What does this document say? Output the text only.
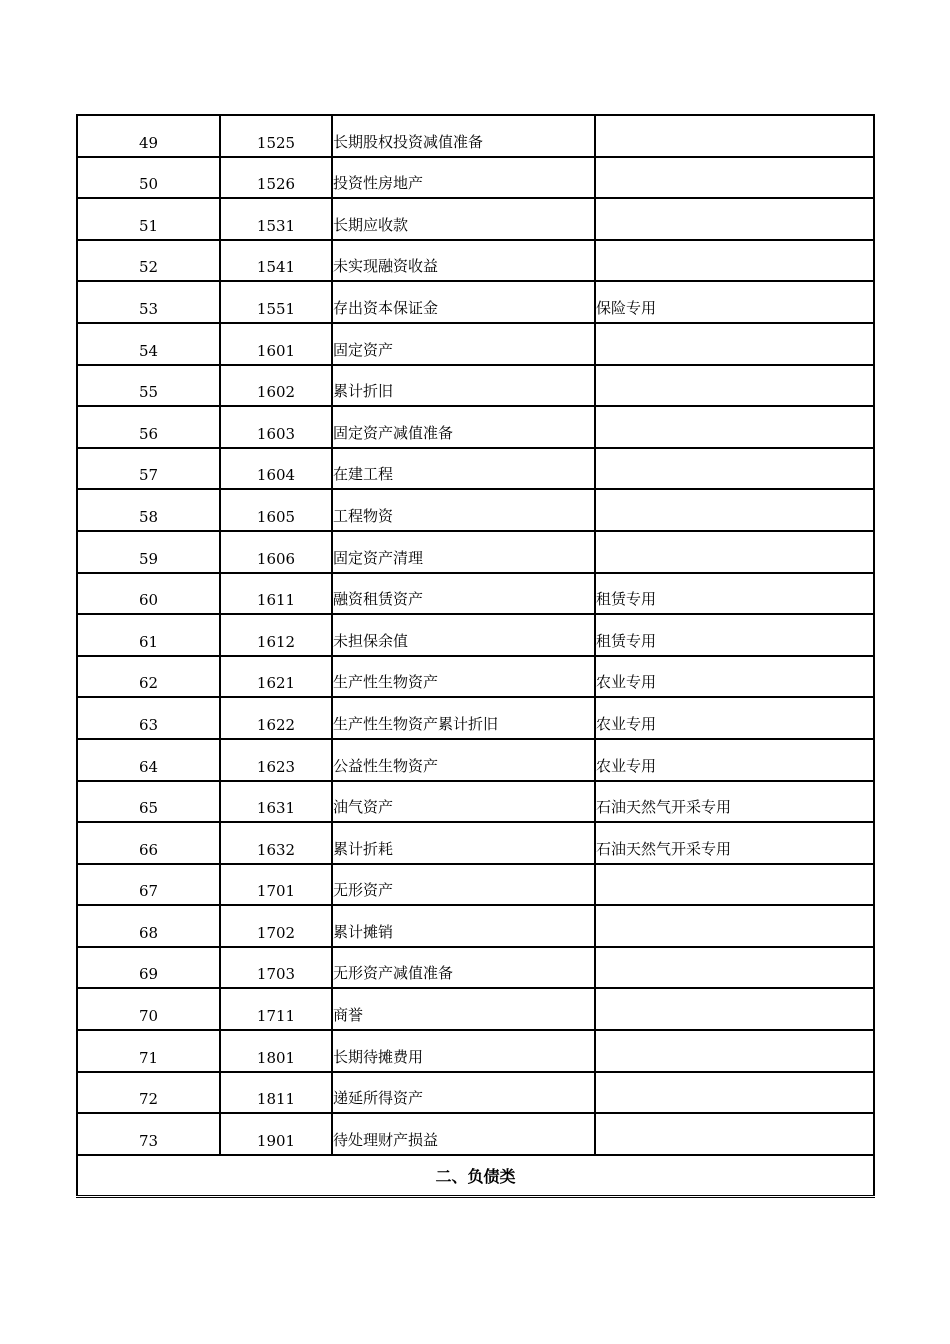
49	1525	长期股权投资减值准备	
50	1526	投资性房地产	
51	1531	长期应收款	
52	1541	未实现融资收益	
53	1551	存出资本保证金	保险专用
54	1601	固定资产	
55	1602	累计折旧	
56	1603	固定资产减值准备	
57	1604	在建工程	
58	1605	工程物资	
59	1606	固定资产清理	
60	1611	融资租赁资产	租赁专用
61	1612	未担保余值	租赁专用
62	1621	生产性生物资产	农业专用
63	1622	生产性生物资产累计折旧	农业专用
64	1623	公益性生物资产	农业专用
65	1631	油气资产	石油天然气开采专用
66	1632	累计折耗	石油天然气开采专用
67	1701	无形资产	
68	1702	累计摊销	
69	1703	无形资产减值准备	
70	1711	商誉	
71	1801	长期待摊费用	
72	1811	递延所得资产	
73	1901	待处理财产损益	
二、负债类			
